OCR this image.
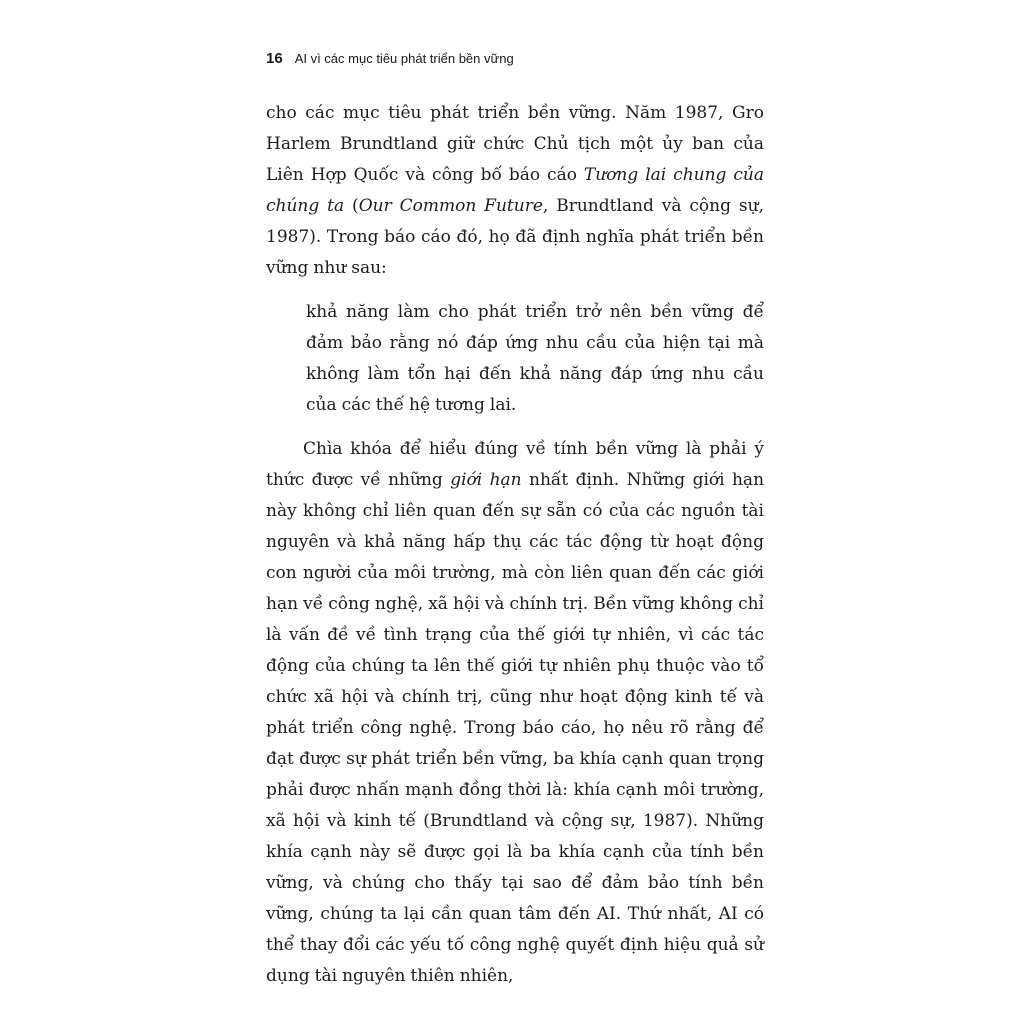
16 AI vì các mục tiêu phát triển bền vững

cho các mục tiêu phát triển bền vững. Năm 1987, Gro Harlem Brundtland giữ chức Chủ tịch một ủy ban của Liên Hợp Quốc và công bố báo cáo Tương lai chung của chúng ta (Our Common Future, Brundtland và cộng sự, 1987). Trong báo cáo đó, họ đã định nghĩa phát triển bền vững như sau:

khả năng làm cho phát triển trở nên bền vững để đảm bảo rằng nó đáp ứng nhu cầu của hiện tại mà không làm tổn hại đến khả năng đáp ứng nhu cầu của các thế hệ tương lai.

Chìa khóa để hiểu đúng về tính bền vững là phải ý thức được về những giới hạn nhất định. Những giới hạn này không chỉ liên quan đến sự sẵn có của các nguồn tài nguyên và khả năng hấp thụ các tác động từ hoạt động con người của môi trường, mà còn liên quan đến các giới hạn về công nghệ, xã hội và chính trị. Bền vững không chỉ là vấn đề về tình trạng của thế giới tự nhiên, vì các tác động của chúng ta lên thế giới tự nhiên phụ thuộc vào tổ chức xã hội và chính trị, cũng như hoạt động kinh tế và phát triển công nghệ. Trong báo cáo, họ nêu rõ rằng để đạt được sự phát triển bền vững, ba khía cạnh quan trọng phải được nhấn mạnh đồng thời là: khía cạnh môi trường, xã hội và kinh tế (Brundtland và cộng sự, 1987). Những khía cạnh này sẽ được gọi là ba khía cạnh của tính bền vững, và chúng cho thấy tại sao để đảm bảo tính bền vững, chúng ta lại cần quan tâm đến AI. Thứ nhất, AI có thể thay đổi các yếu tố công nghệ quyết định hiệu quả sử dụng tài nguyên thiên nhiên,
